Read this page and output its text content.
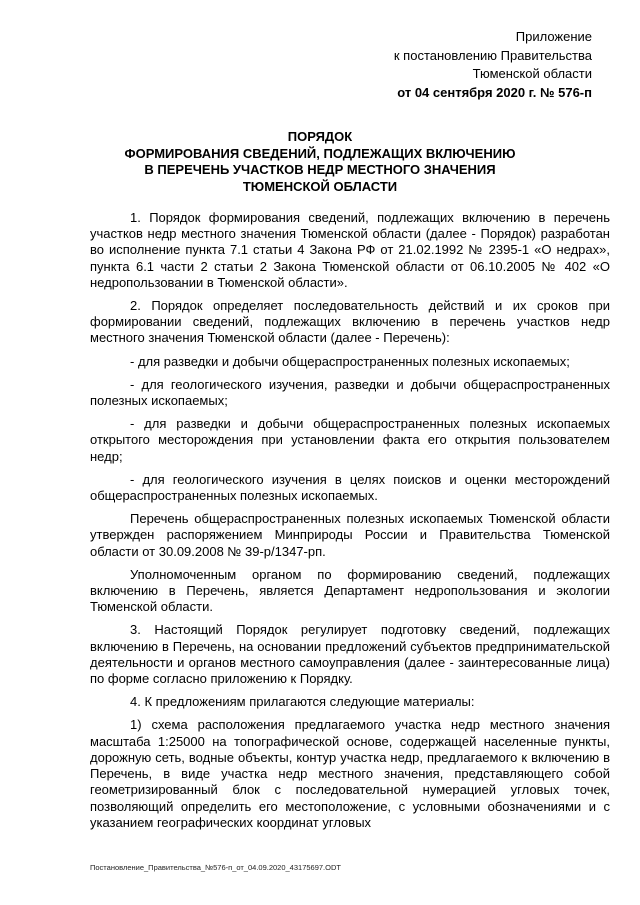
Приложение
к постановлению Правительства
Тюменской области
от 04 сентября 2020 г. № 576-п
ПОРЯДОК
ФОРМИРОВАНИЯ СВЕДЕНИЙ, ПОДЛЕЖАЩИХ ВКЛЮЧЕНИЮ
В ПЕРЕЧЕНЬ УЧАСТКОВ НЕДР МЕСТНОГО ЗНАЧЕНИЯ
ТЮМЕНСКОЙ ОБЛАСТИ

1. Порядок формирования сведений, подлежащих включению в перечень участков недр местного значения Тюменской области (далее - Порядок) разработан во исполнение пункта 7.1 статьи 4 Закона РФ от 21.02.1992 № 2395-1 «О недрах», пункта 6.1 части 2 статьи 2 Закона Тюменской области от 06.10.2005 № 402 «О недропользовании в Тюменской области».

2. Порядок определяет последовательность действий и их сроков при формировании сведений, подлежащих включению в перечень участков недр местного значения Тюменской области (далее - Перечень):

- для разведки и добычи общераспространенных полезных ископаемых;

- для геологического изучения, разведки и добычи общераспространенных полезных ископаемых;

- для разведки и добычи общераспространенных полезных ископаемых открытого месторождения при установлении факта его открытия пользователем недр;

- для геологического изучения в целях поисков и оценки месторождений общераспространенных полезных ископаемых.

Перечень общераспространенных полезных ископаемых Тюменской области утвержден распоряжением Минприроды России и Правительства Тюменской области от 30.09.2008 № 39-р/1347-рп.

Уполномоченным органом по формированию сведений, подлежащих включению в Перечень, является Департамент недропользования и экологии Тюменской области.

3. Настоящий Порядок регулирует подготовку сведений, подлежащих включению в Перечень, на основании предложений субъектов предпринимательской деятельности и органов местного самоуправления (далее - заинтересованные лица) по форме согласно приложению к Порядку.

4. К предложениям прилагаются следующие материалы:

1) схема расположения предлагаемого участка недр местного значения масштаба 1:25000 на топографической основе, содержащей населенные пункты, дорожную сеть, водные объекты, контур участка недр, предлагаемого к включению в Перечень, в виде участка недр местного значения, представляющего собой геометризированный блок с последовательной нумерацией угловых точек, позволяющий определить его местоположение, с условными обозначениями и с указанием географических координат угловых

Постановление_Правительства_№576-п_от_04.09.2020_43175697.ODT
